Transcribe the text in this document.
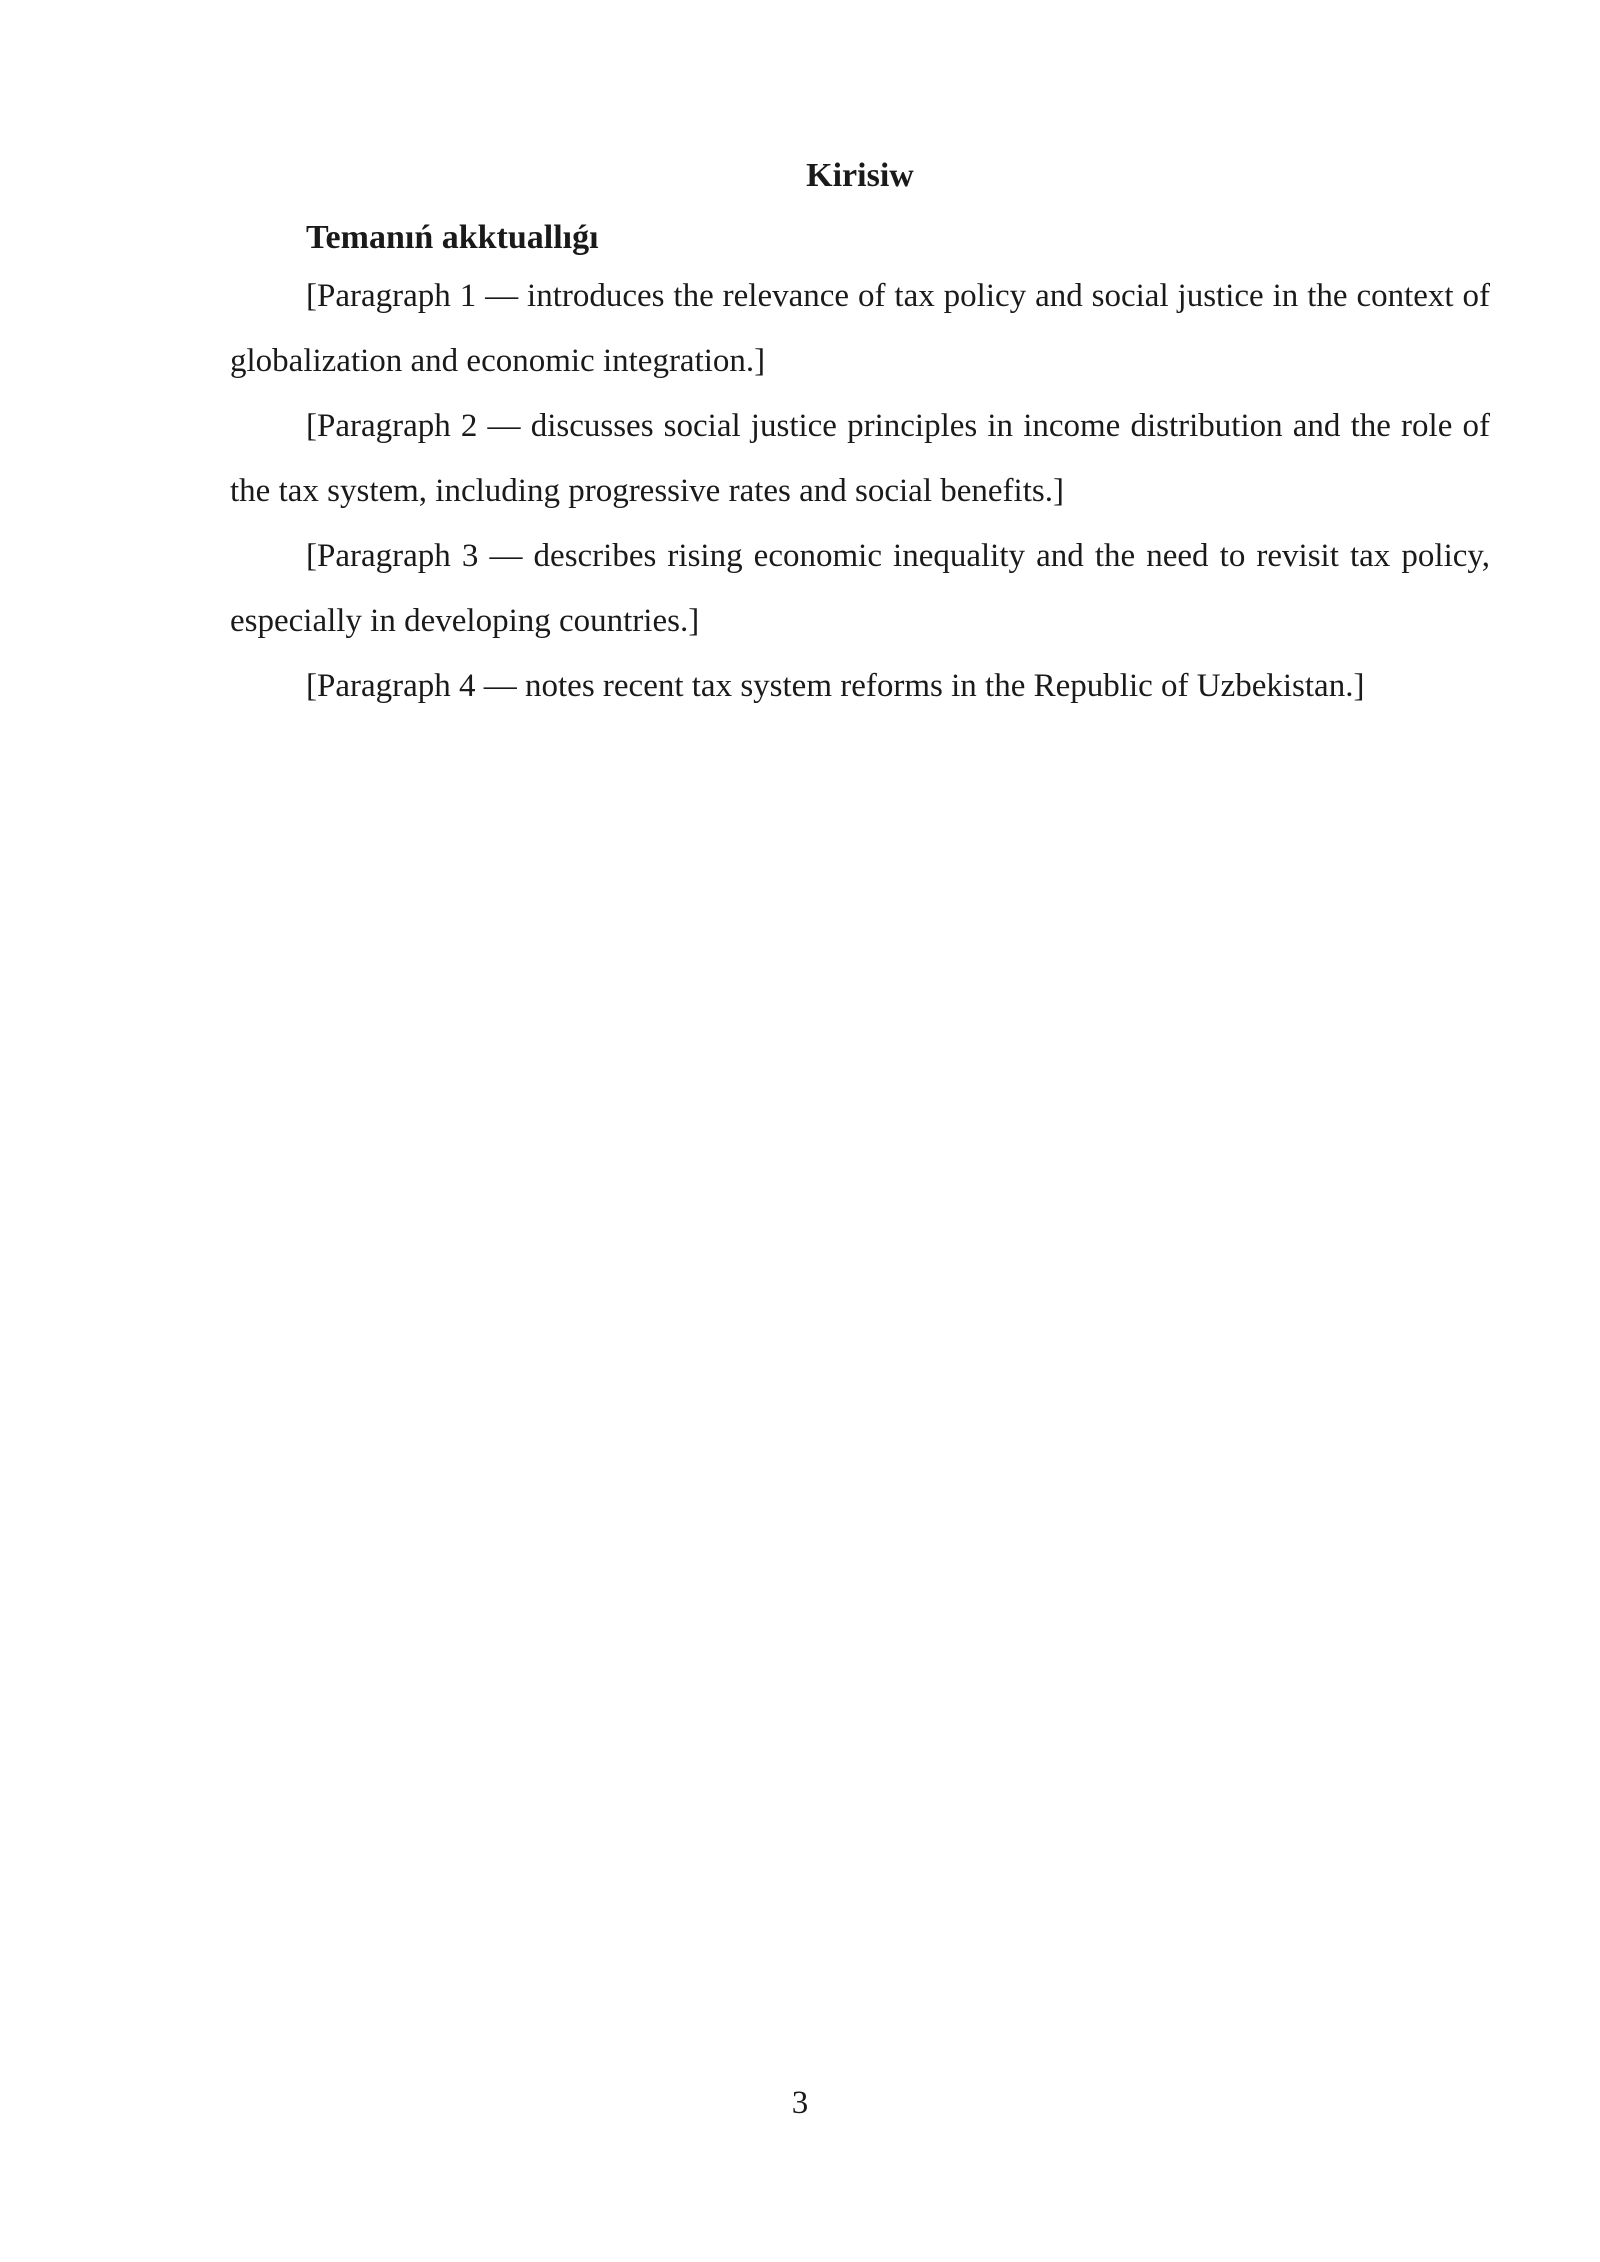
Kirisiw
Temanıń akktuallıǵı

[Paragraph 1 — introduces the relevance of tax policy and social justice in the context of globalization and economic integration.]

[Paragraph 2 — discusses social justice principles in income distribution and the role of the tax system, including progressive rates and social benefits.]

[Paragraph 3 — describes rising economic inequality and the need to revisit tax policy, especially in developing countries.]

[Paragraph 4 — notes recent tax system reforms in the Republic of Uzbekistan.]

3
